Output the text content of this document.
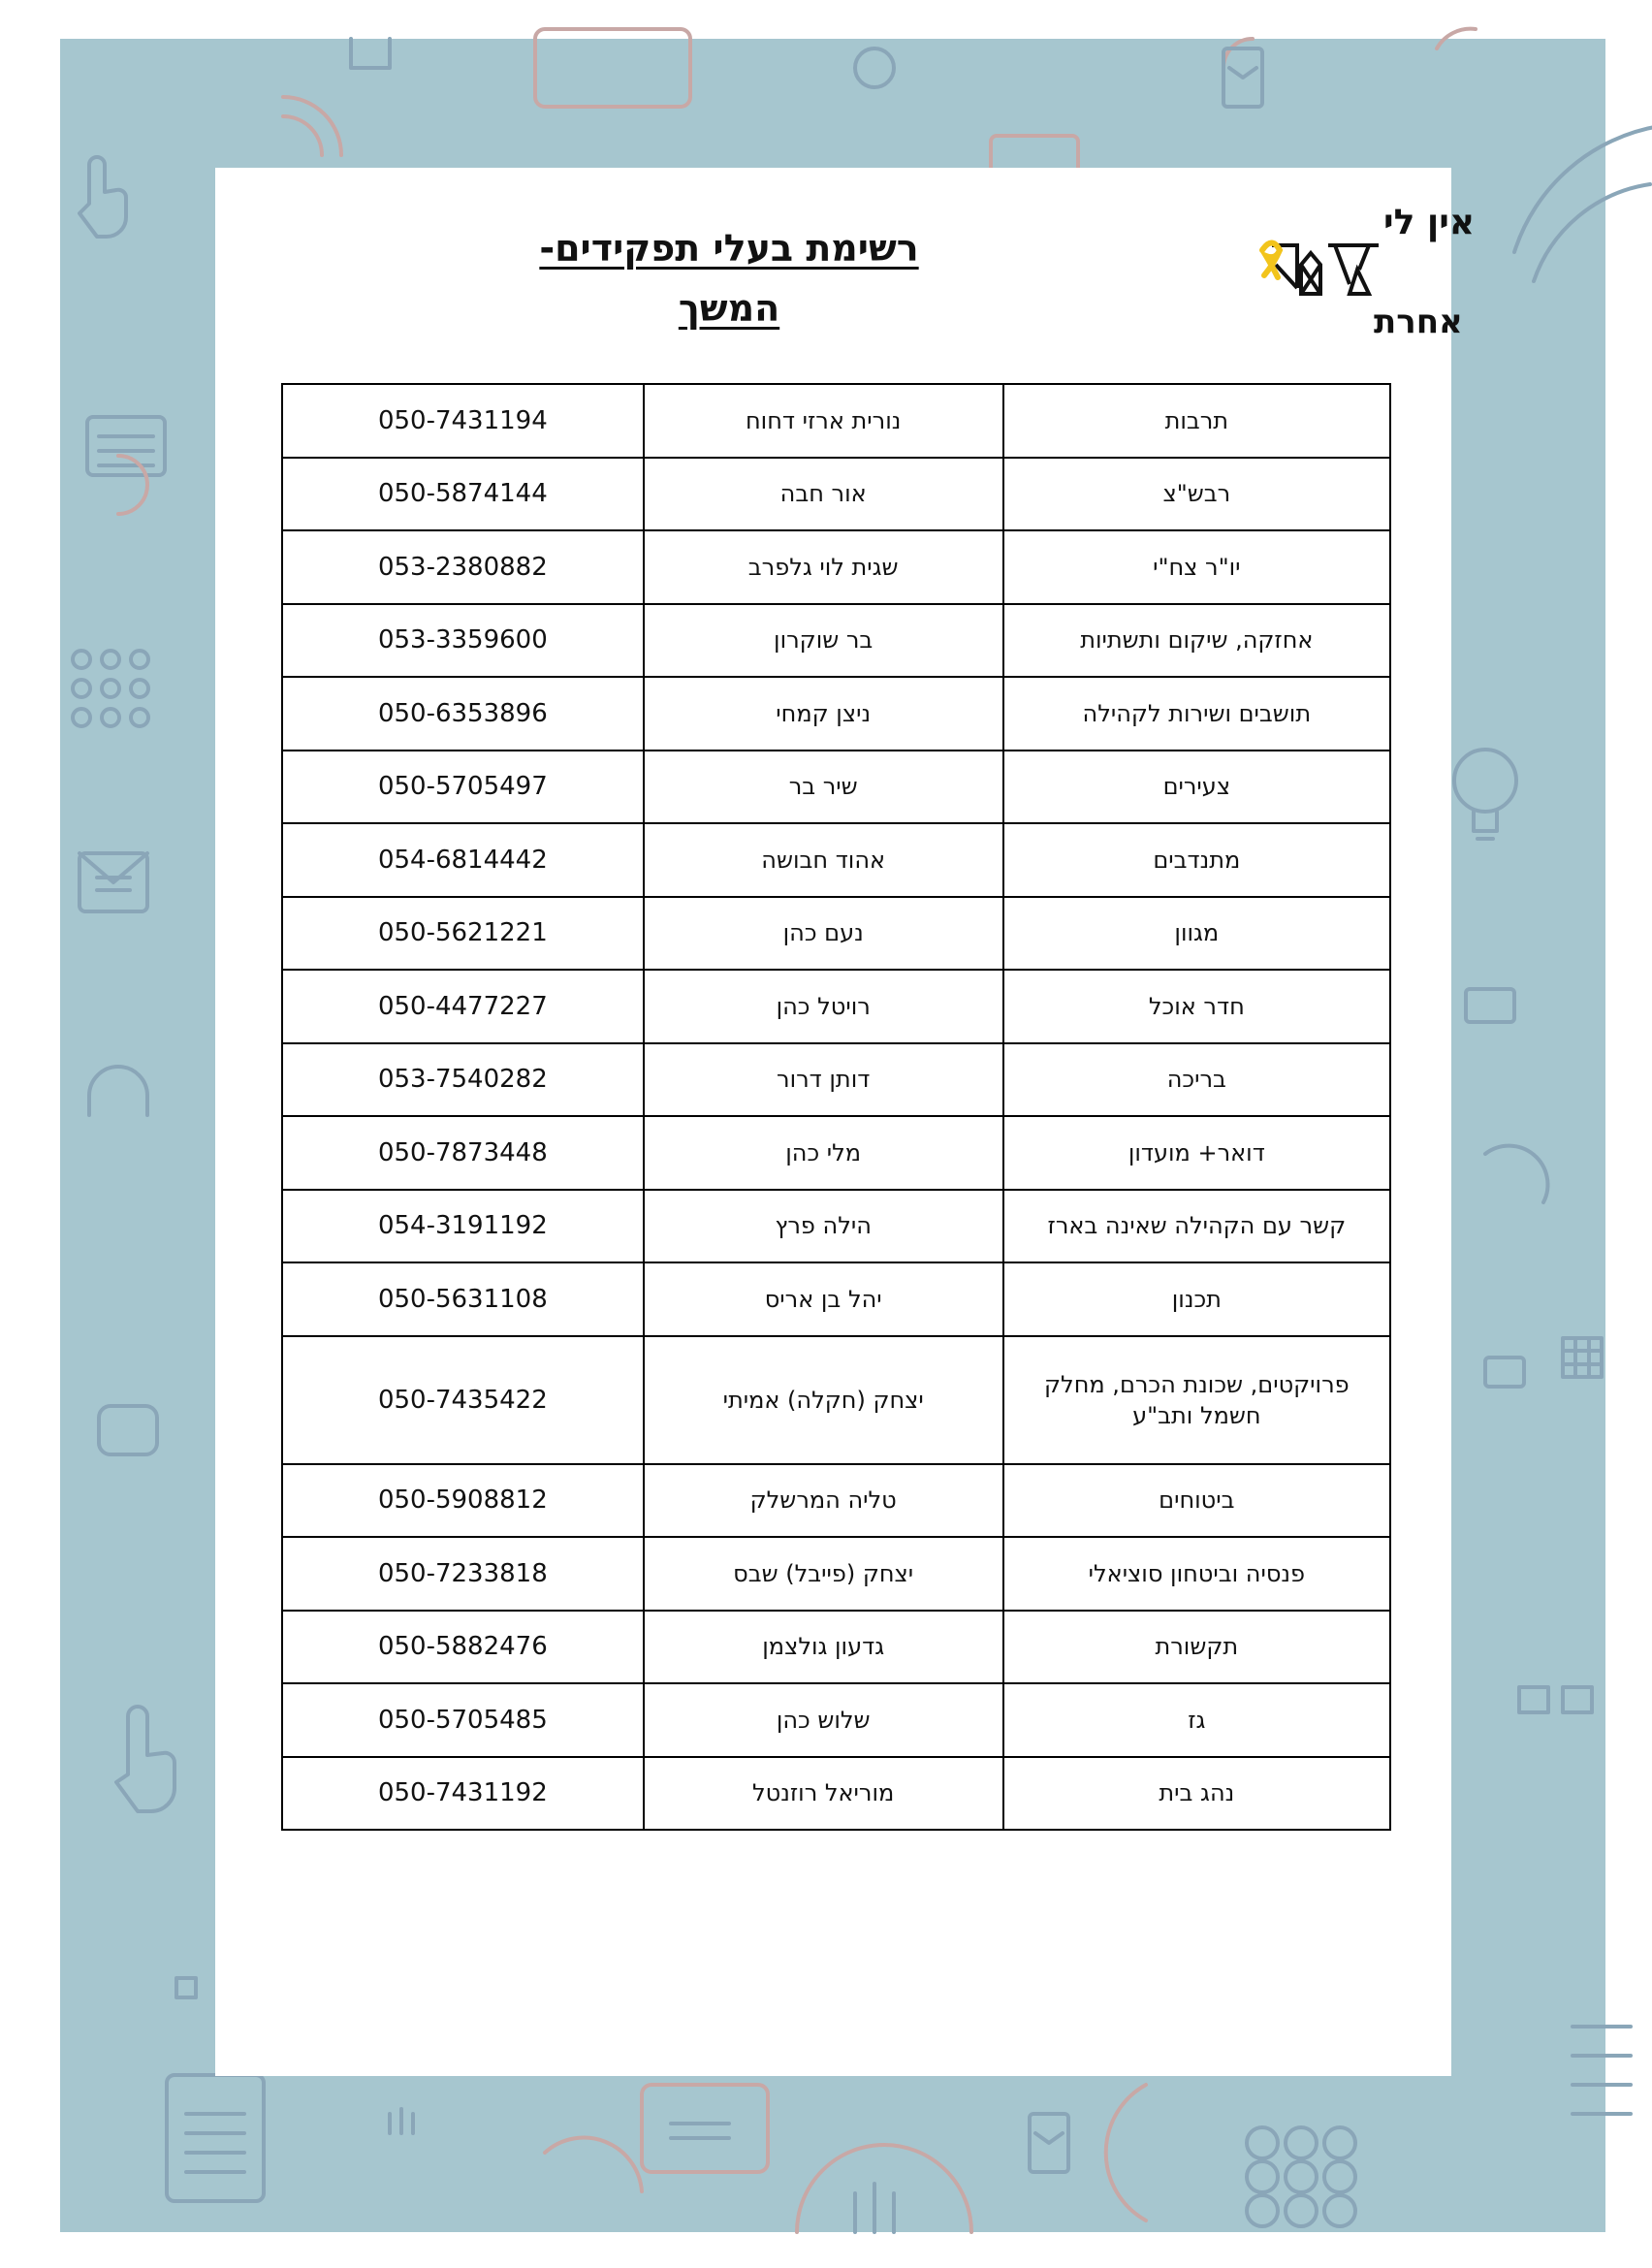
אין לי
אחרת
רשימת בעלי תפקידים-
המשך
תרבות	נורית ארזי דחוח	050-7431194
רבש"צ	אור חבה	050-5874144
יו"ר צח"י	שגית לוי גלפרב	053-2380882
אחזקה, שיקום ותשתיות	בר שוקרון	053-3359600
תושבים ושירות לקהילה	ניצן קמחי	050-6353896
צעירים	שיר בר	050-5705497
מתנדבים	אהוד חבושה	054-6814442
מגוון	נעם כהן	050-5621221
חדר אוכל	רויטל כהן	050-4477227
בריכה	דותן דרור	053-7540282
דואר+ מועדון	מלי כהן	050-7873448
קשר עם הקהילה שאינה בארז	הילה פרץ	054-3191192
תכנון	יהל בן אריס	050-5631108
פרויקטים, שכונת הכרם, מחלק חשמל ותב"ע	יצחק (חקלה) אמיתי	050-7435422
ביטוחים	טליה המרשלק	050-5908812
פנסיה וביטחון סוציאלי	יצחק (פייבל) שבס	050-7233818
תקשורת	גדעון גולצמן	050-5882476
גז	שלוש כהן	050-5705485
נהג בית	מוריאל רוזנטל	050-7431192
